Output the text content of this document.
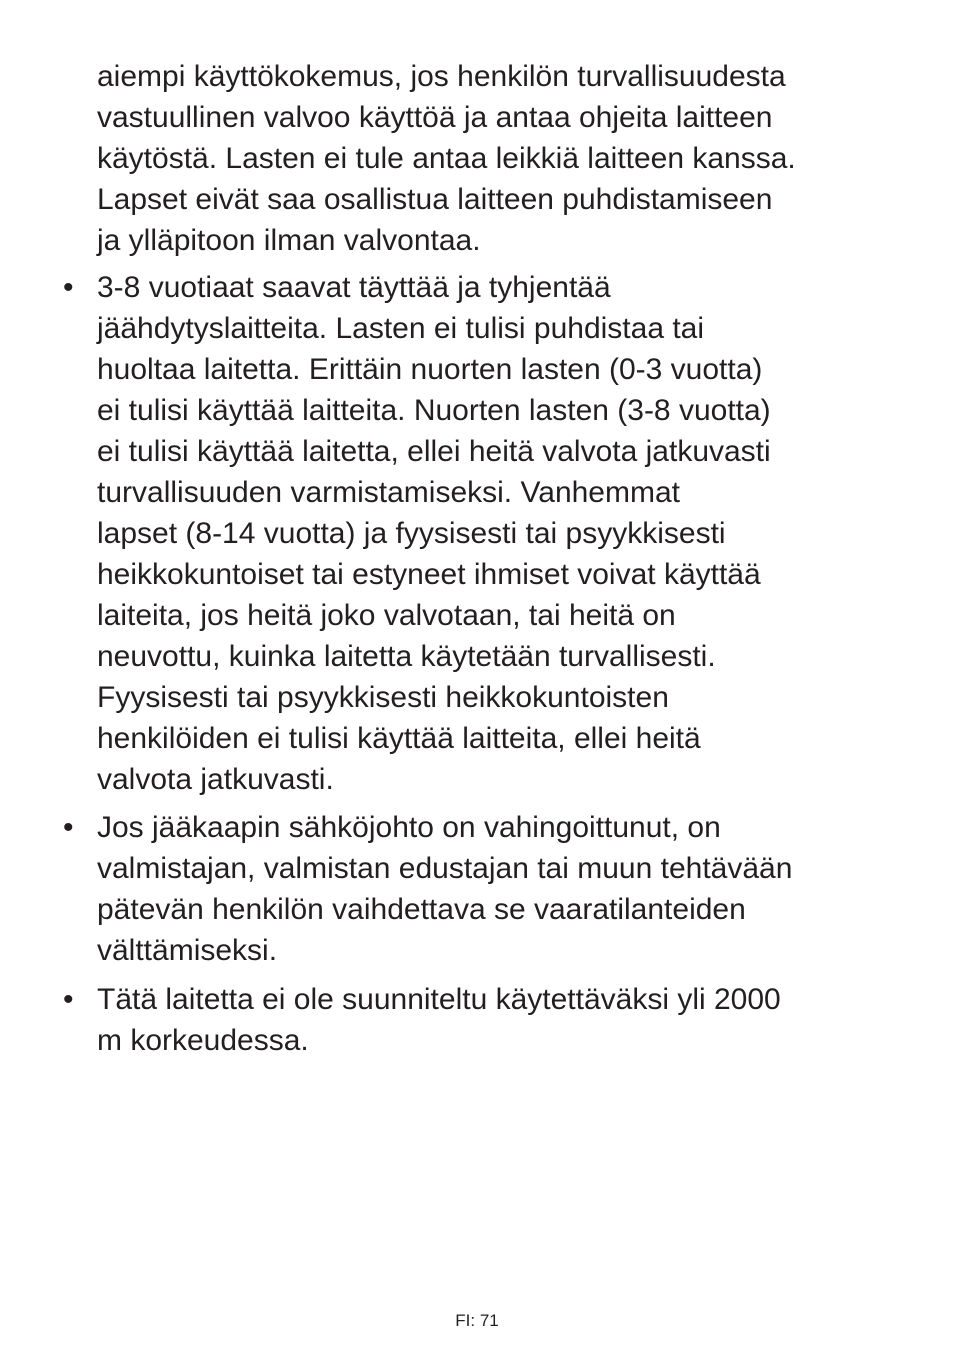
aiempi käyttökokemus, jos henkilön turvallisuudesta
vastuullinen valvoo käyttöä ja antaa ohjeita laitteen
käytöstä. Lasten ei tule antaa leikkiä laitteen kanssa.
Lapset eivät saa osallistua laitteen puhdistamiseen
ja ylläpitoon ilman valvontaa.

• 3-8 vuotiaat saavat täyttää ja tyhjentää
jäähdytyslaitteita. Lasten ei tulisi puhdistaa tai
huoltaa laitetta. Erittäin nuorten lasten (0-3 vuotta)
ei tulisi käyttää laitteita. Nuorten lasten (3-8 vuotta)
ei tulisi käyttää laitetta, ellei heitä valvota jatkuvasti
turvallisuuden varmistamiseksi. Vanhemmat
lapset (8-14 vuotta) ja fyysisesti tai psyykkisesti
heikkokuntoiset tai estyneet ihmiset voivat käyttää
laiteita, jos heitä joko valvotaan, tai heitä on
neuvottu, kuinka laitetta käytetään turvallisesti.
Fyysisesti tai psyykkisesti heikkokuntoisten
henkilöiden ei tulisi käyttää laitteita, ellei heitä
valvota jatkuvasti.
• Jos jääkaapin sähköjohto on vahingoittunut, on
valmistajan, valmistan edustajan tai muun tehtävään
pätevän henkilön vaihdettava se vaaratilanteiden
välttämiseksi.
• Tätä laitetta ei ole suunniteltu käytettäväksi yli 2000
m korkeudessa.
FI: 71
